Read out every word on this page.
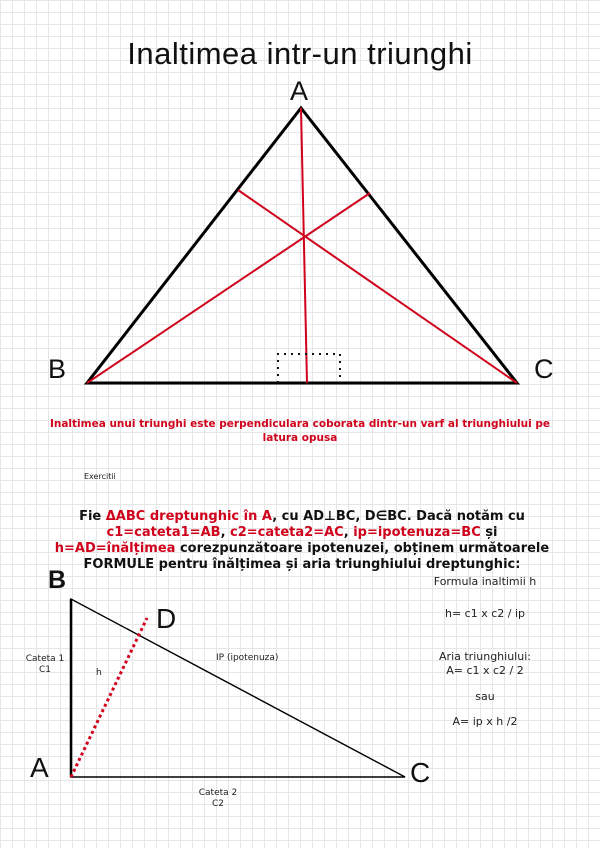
Inaltimea intr-un triunghi
A
B	C
Inaltimea unui triunghi este perpendiculara coborata dintr-un varf al triunghiului pe latura opusa
Exercitii
Fie ΔABC dreptunghic în A, cu AD⊥BC, D∈BC. Dacă notăm cu c1=cateta1=AB, c2=cateta2=AC, ip=ipotenuza=BC și h=AD=înălțimea corezpunzătoare ipotenuzei, obținem următoarele FORMULE pentru înălțimea și aria triunghiului dreptunghic:
B
A	C
D
Cateta 1
C1	h
IP (ipotenuza)
Cateta 2
C2
Formula inaltimii h
h= c1 x c2 / ip
Aria triunghiului:
A= c1 x c2 / 2
sau
A= ip x h /2
